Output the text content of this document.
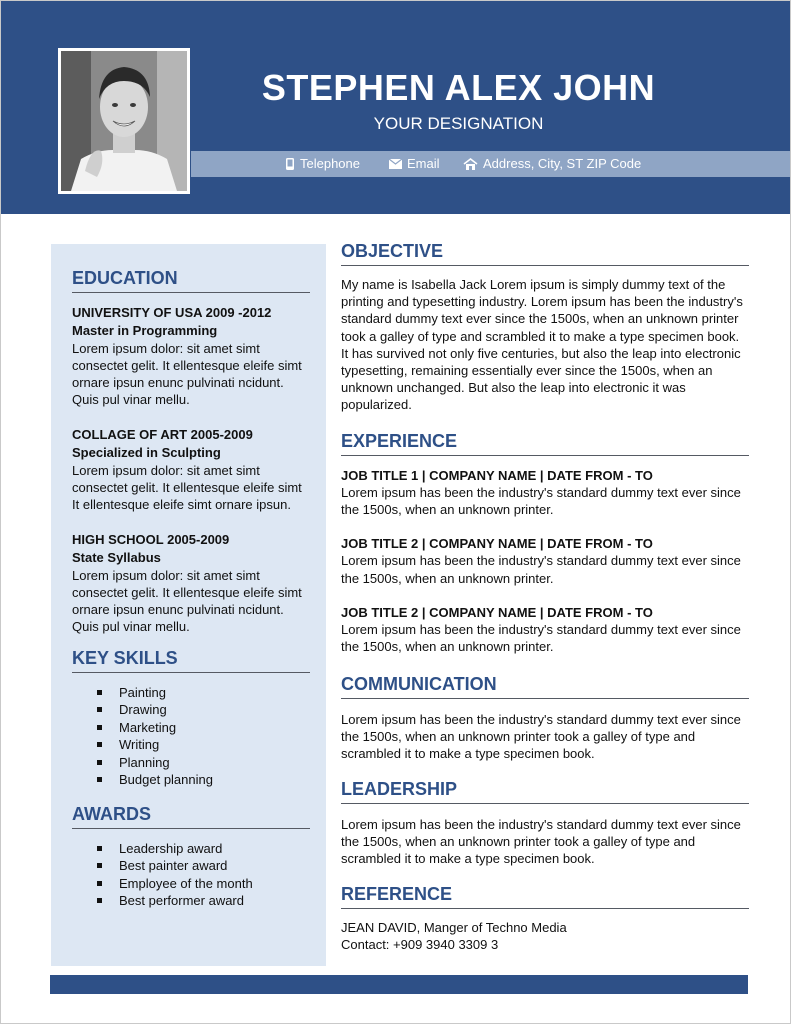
STEPHEN ALEX JOHN
YOUR DESIGNATION
Telephone	Email	Address, City, ST ZIP Code
EDUCATION
UNIVERSITY OF USA 2009 -2012
Master in Programming
Lorem ipsum dolor: sit amet simt consectet gelit. It ellentesque eleife simt ornare ipsun enunc pulvinati ncidunt. Quis pul vinar mellu.
COLLAGE OF ART 2005-2009
Specialized in Sculpting
Lorem ipsum dolor: sit amet simt consectet gelit. It ellentesque eleife simt It ellentesque eleife simt ornare ipsun.
HIGH SCHOOL 2005-2009
State Syllabus
Lorem ipsum dolor: sit amet simt consectet gelit. It ellentesque eleife simt ornare ipsun enunc pulvinati ncidunt. Quis pul vinar mellu.
KEY SKILLS
Painting
Drawing
Marketing
Writing
Planning
Budget planning
AWARDS
Leadership award
Best painter award
Employee of the month
Best performer award
OBJECTIVE
My name is Isabella Jack Lorem ipsum is simply dummy text of the printing and typesetting industry. Lorem ipsum has been the industry's standard dummy text ever since the 1500s, when an unknown printer took a galley of type and scrambled it to make a type specimen book. It has survived not only five centuries, but also the leap into electronic typesetting, remaining essentially ever since the 1500s, when an unknown unchanged. But also the leap into electronic it was popularized.
EXPERIENCE
JOB TITLE 1 | COMPANY NAME | DATE FROM - TO
Lorem ipsum has been the industry's standard dummy text ever since the 1500s, when an unknown printer.
JOB TITLE 2 | COMPANY NAME | DATE FROM - TO
Lorem ipsum has been the industry's standard dummy text ever since the 1500s, when an unknown printer.
JOB TITLE 2 | COMPANY NAME | DATE FROM - TO
Lorem ipsum has been the industry's standard dummy text ever since the 1500s, when an unknown printer.
COMMUNICATION
Lorem ipsum has been the industry's standard dummy text ever since the 1500s, when an unknown printer took a galley of type and scrambled it to make a type specimen book.
LEADERSHIP
Lorem ipsum has been the industry's standard dummy text ever since the 1500s, when an unknown printer took a galley of type and scrambled it to make a type specimen book.
REFERENCE
JEAN DAVID, Manger of Techno Media
Contact: +909 3940 3309 3
